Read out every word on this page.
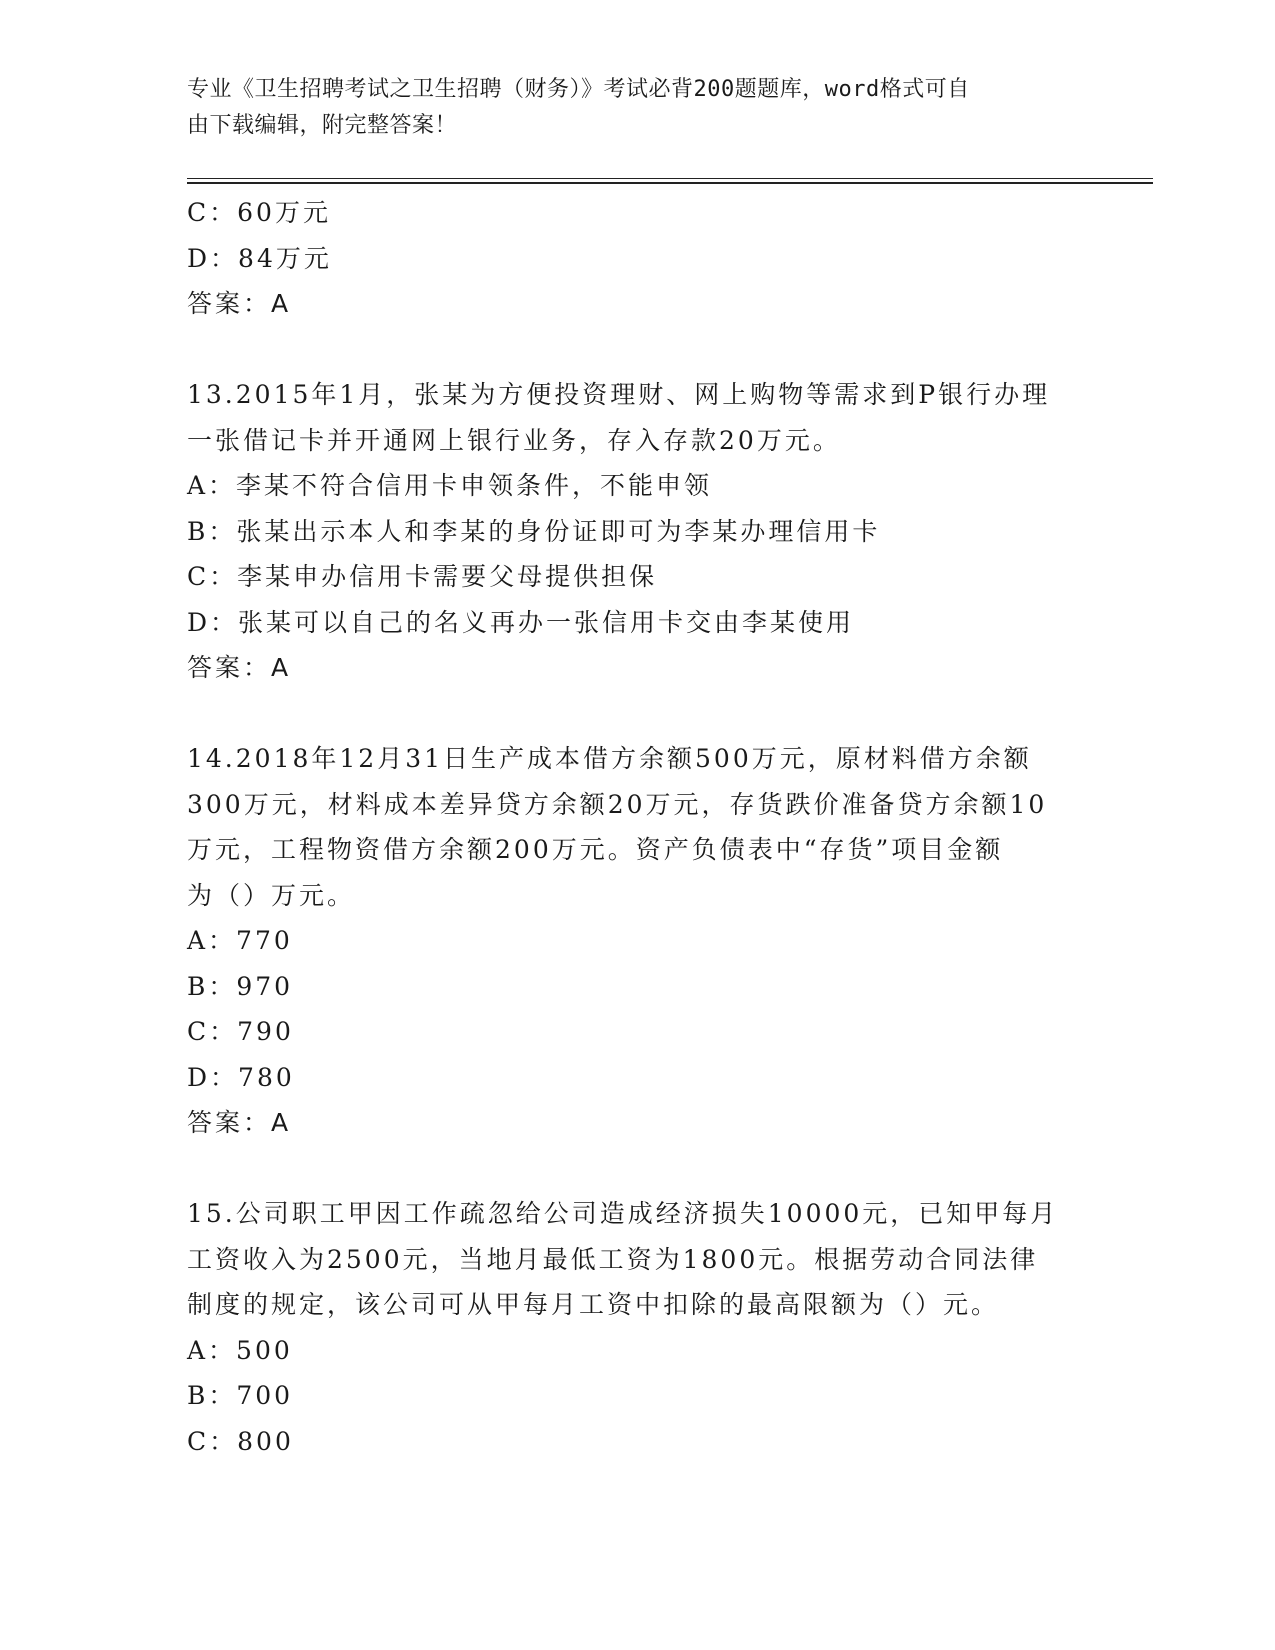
专业《卫生招聘考试之卫生招聘（财务）》考试必背200题题库，word格式可自
由下载编辑，附完整答案！
C：60万元
D：84万元
答案：A
13.2015年1月，张某为方便投资理财、网上购物等需求到P银行办理
一张借记卡并开通网上银行业务，存入存款20万元。
A：李某不符合信用卡申领条件，不能申领
B：张某出示本人和李某的身份证即可为李某办理信用卡
C：李某申办信用卡需要父母提供担保
D：张某可以自己的名义再办一张信用卡交由李某使用
答案：A
14.2018年12月31日生产成本借方余额500万元，原材料借方余额
300万元，材料成本差异贷方余额20万元，存货跌价准备贷方余额10
万元，工程物资借方余额200万元。资产负债表中“存货”项目金额
为（）万元。
A：770
B：970
C：790
D：780
答案：A
15.公司职工甲因工作疏忽给公司造成经济损失10000元，已知甲每月
工资收入为2500元，当地月最低工资为1800元。根据劳动合同法律
制度的规定，该公司可从甲每月工资中扣除的最高限额为（）元。
A：500
B：700
C：800
